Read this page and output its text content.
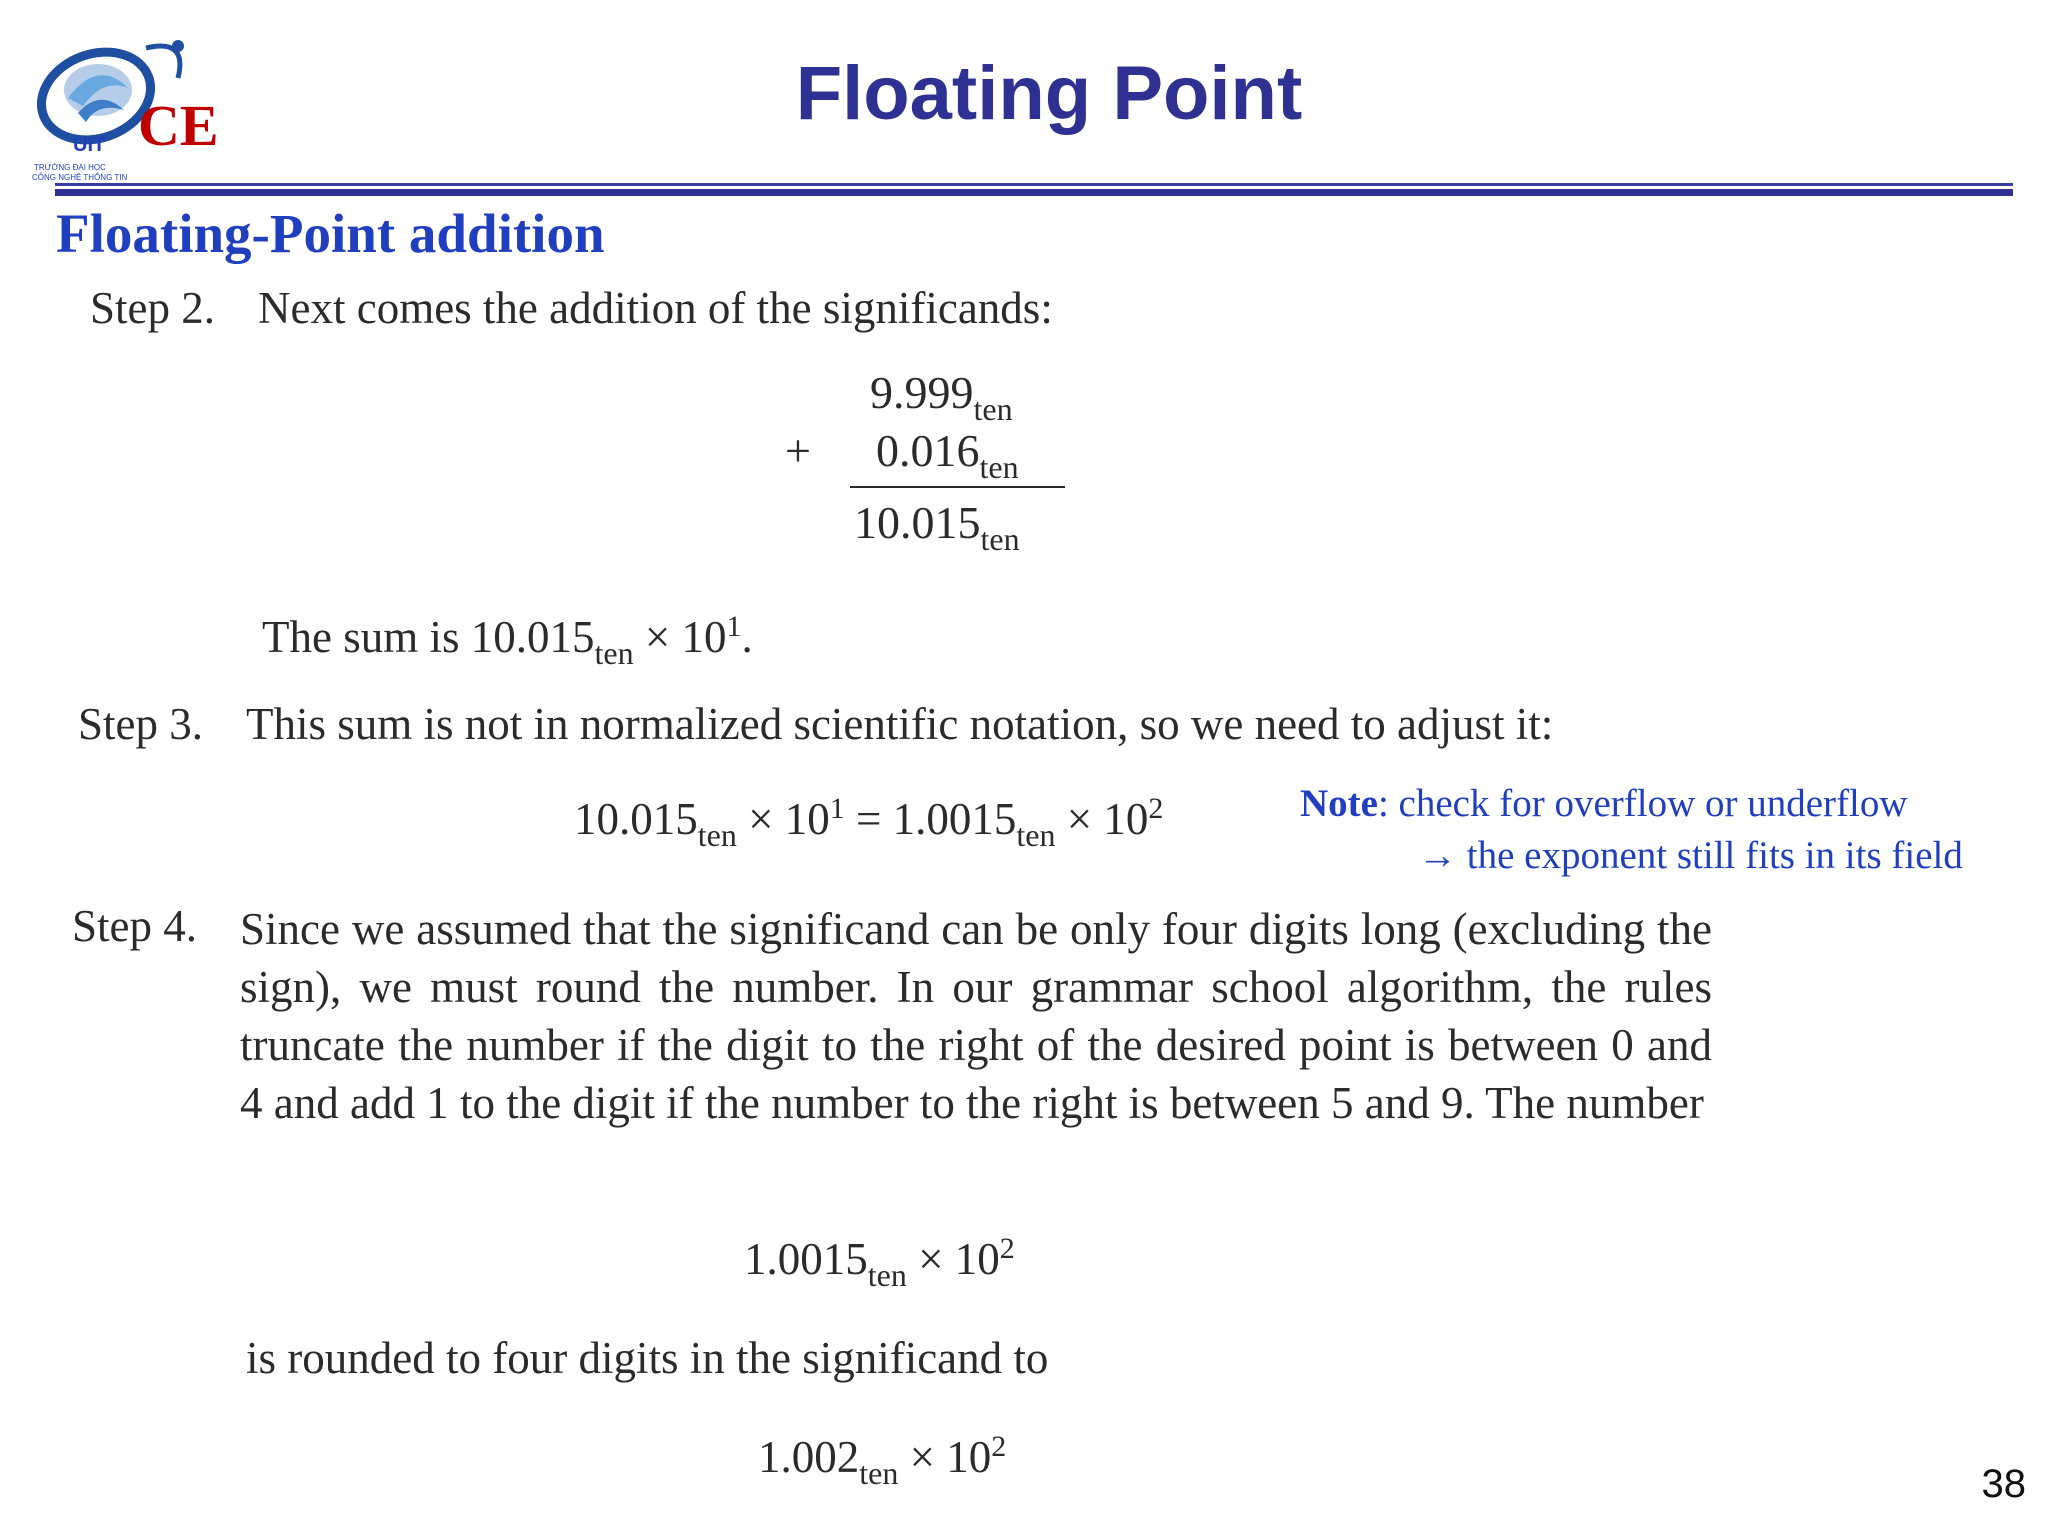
UIT
TRƯỜNG ĐẠI HỌC
CÔNG NGHỆ THÔNG TIN
CE	Floating Point
Floating-Point addition
Step 2. Next comes the addition of the significands:
$9.999_{ten}$
+ $0.016_{ten}$
$10.015_{ten}$
The sum is $10.015_{ten} \times 10^1$.
Step 3. This sum is not in normalized scientific notation, so we need to adjust it:
$10.015_{ten} \times 10^1 = 1.0015_{ten} \times 10^2$	Note: check for overflow or underflow
→ the exponent still fits in its field
Step 4. Since we assumed that the significand can be only four digits long (excluding the sign), we must round the number. In our grammar school algorithm, the rules truncate the number if the digit to the right of the desired point is between 0 and 4 and add 1 to the digit if the number to the right is between 5 and 9. The number
$1.0015_{ten} \times 10^2$
is rounded to four digits in the significand to
$1.002_{ten} \times 10^2$
38
